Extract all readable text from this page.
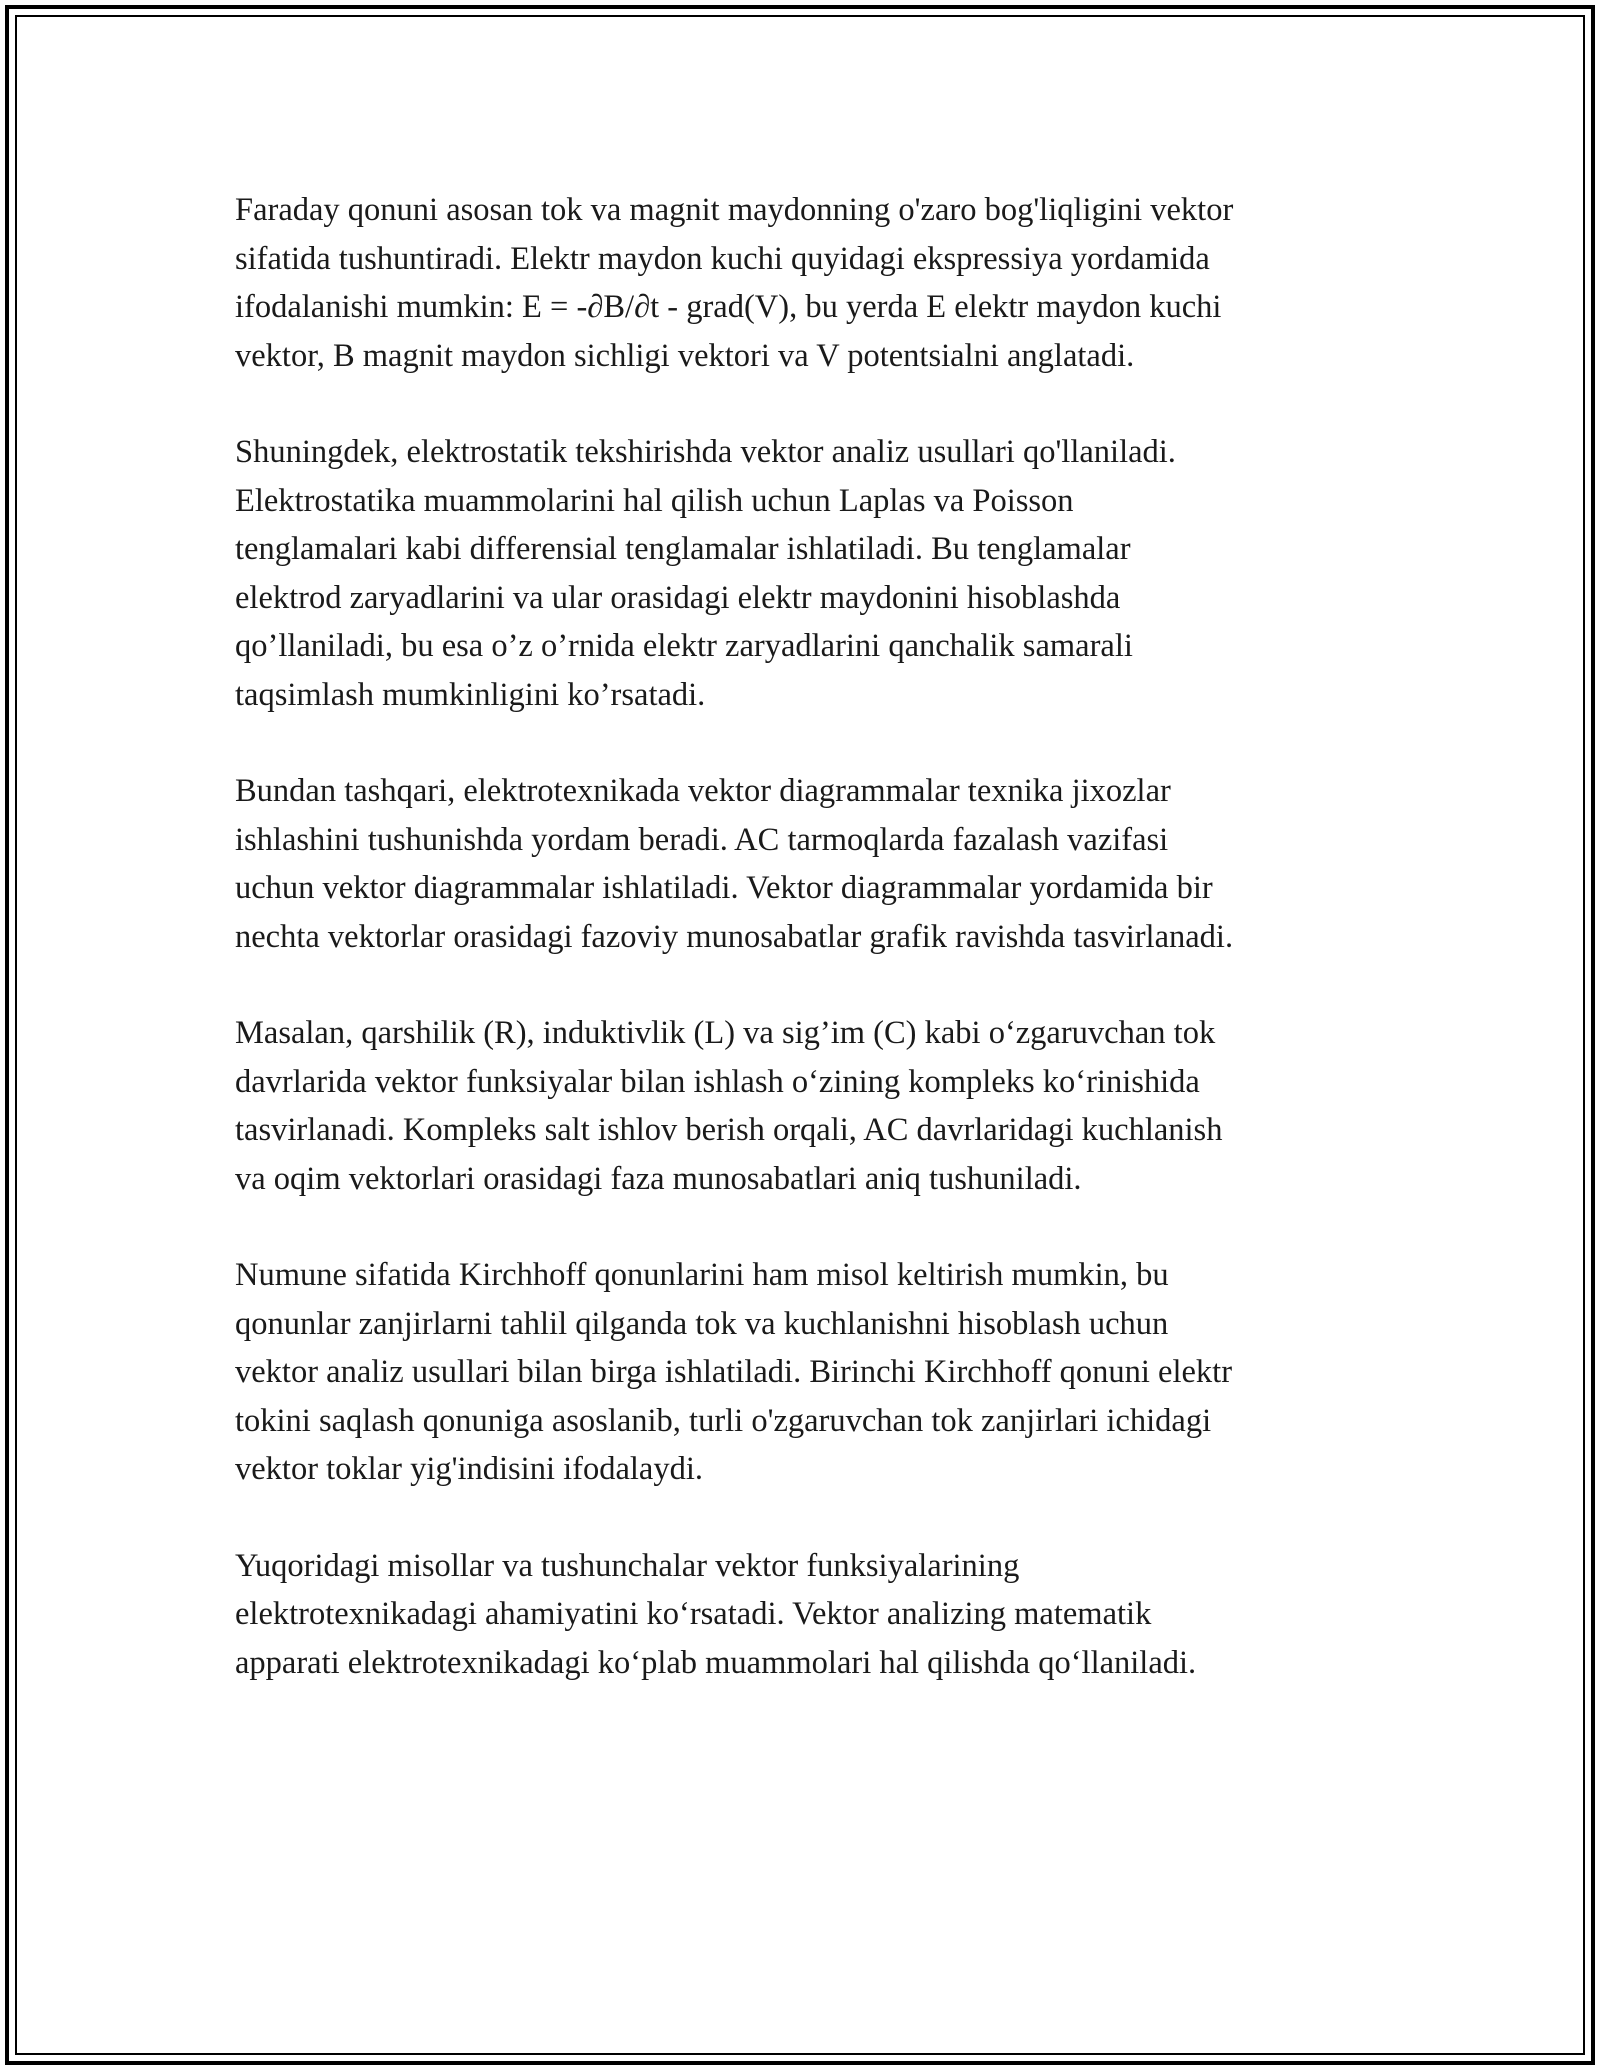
Faraday qonuni asosan tok va magnit maydonning o'zaro bog'liqligini vektor
sifatida tushuntiradi. Elektr maydon kuchi quyidagi ekspressiya yordamida
ifodalanishi mumkin: E = -∂B/∂t - grad(V), bu yerda E elektr maydon kuchi
vektor, B magnit maydon sichligi vektori va V potentsialni anglatadi.

Shuningdek, elektrostatik tekshirishda vektor analiz usullari qo'llaniladi.
Elektrostatika muammolarini hal qilish uchun Laplas va Poisson
tenglamalari kabi differensial tenglamalar ishlatiladi. Bu tenglamalar
elektrod zaryadlarini va ular orasidagi elektr maydonini hisoblashda
qo’llaniladi, bu esa o’z o’rnida elektr zaryadlarini qanchalik samarali
taqsimlash mumkinligini ko’rsatadi.

Bundan tashqari, elektrotexnikada vektor diagrammalar texnika jixozlar
ishlashini tushunishda yordam beradi. AC tarmoqlarda fazalash vazifasi
uchun vektor diagrammalar ishlatiladi. Vektor diagrammalar yordamida bir
nechta vektorlar orasidagi fazoviy munosabatlar grafik ravishda tasvirlanadi.

Masalan, qarshilik (R), induktivlik (L) va sig’im (C) kabi o‘zgaruvchan tok
davrlarida vektor funksiyalar bilan ishlash o‘zining kompleks ko‘rinishida
tasvirlanadi. Kompleks salt ishlov berish orqali, AC davrlaridagi kuchlanish
va oqim vektorlari orasidagi faza munosabatlari aniq tushuniladi.

Numune sifatida Kirchhoff qonunlarini ham misol keltirish mumkin, bu
qonunlar zanjirlarni tahlil qilganda tok va kuchlanishni hisoblash uchun
vektor analiz usullari bilan birga ishlatiladi. Birinchi Kirchhoff qonuni elektr
tokini saqlash qonuniga asoslanib, turli o'zgaruvchan tok zanjirlari ichidagi
vektor toklar yig'indisini ifodalaydi.

Yuqoridagi misollar va tushunchalar vektor funksiyalarining
elektrotexnikadagi ahamiyatini ko‘rsatadi. Vektor analizing matematik
apparati elektrotexnikadagi ko‘plab muammolari hal qilishda qo‘llaniladi.
